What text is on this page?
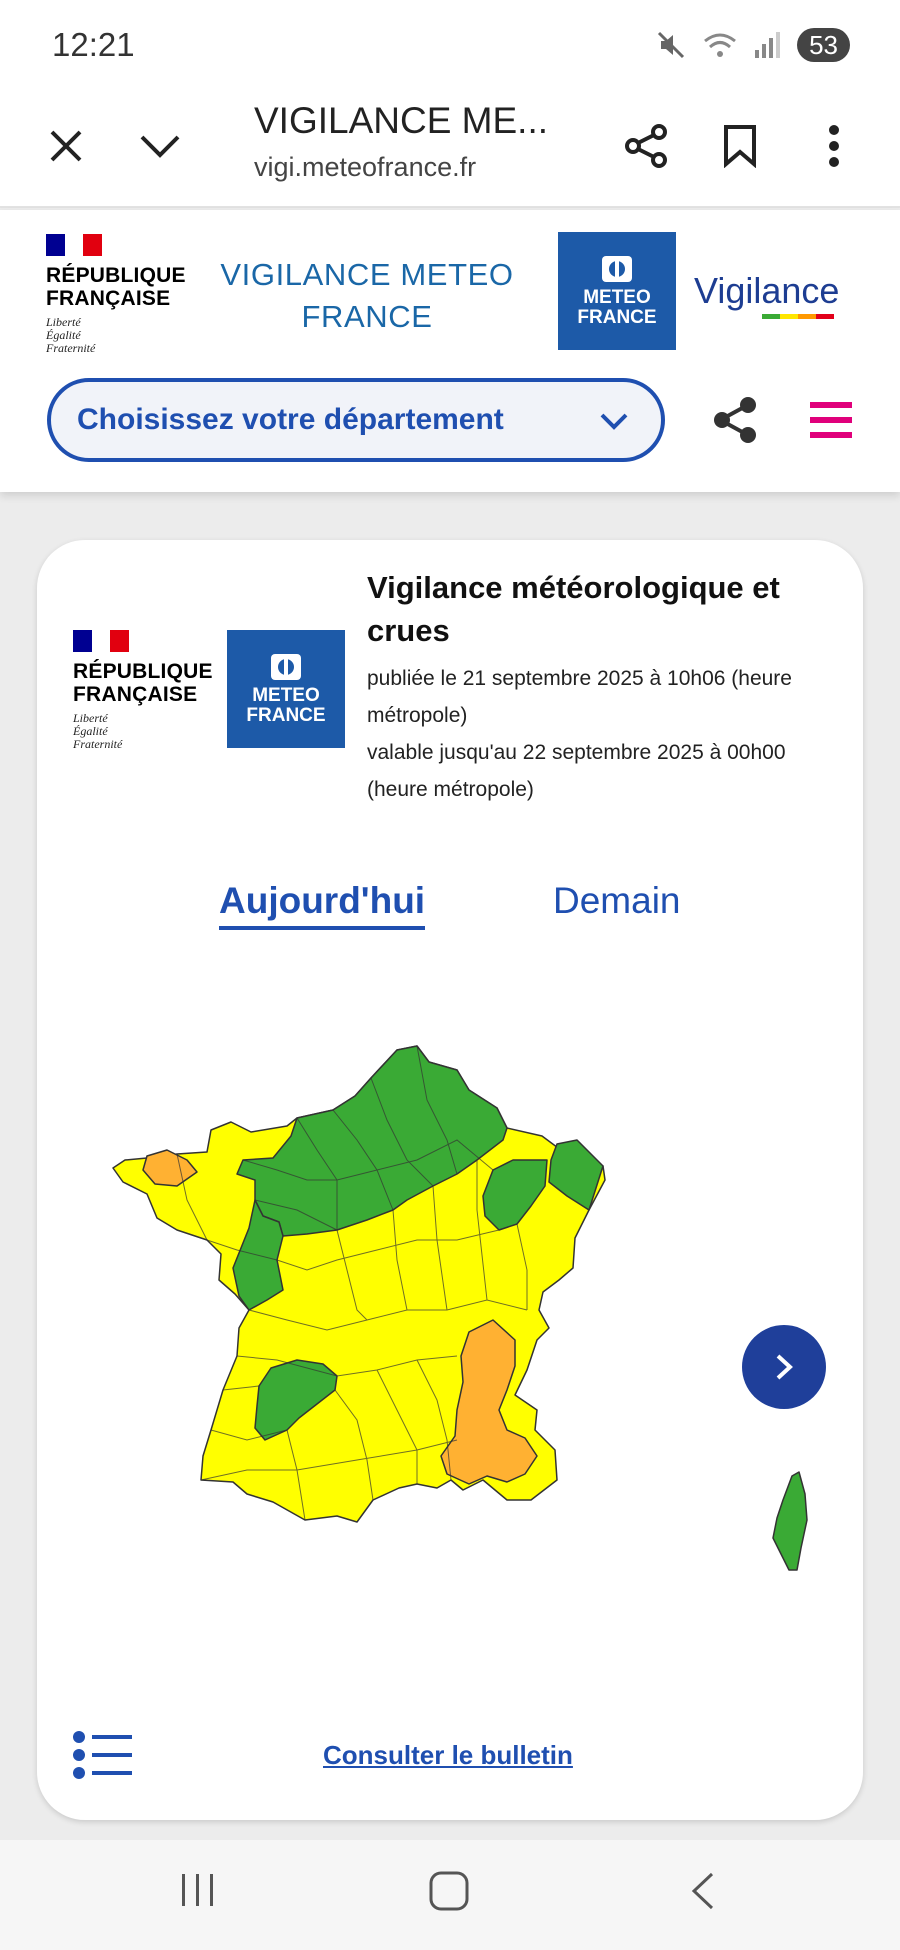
12:21	53
VIGILANCE ME...
vigi.meteofrance.fr
RÉPUBLIQUE
FRANÇAISE
Liberté
Égalité
Fraternité
VIGILANCE METEO
FRANCE
METEO
FRANCE
Vigilance
Choisissez votre département
RÉPUBLIQUE
FRANÇAISE
Liberté
Égalité
Fraternité
METEO
FRANCE
Vigilance météorologique et crues
publiée le 21 septembre 2025 à 10h06 (heure métropole)
valable jusqu'au 22 septembre 2025 à 00h00 (heure métropole)
Aujourd'hui	Demain
Consulter le bulletin
